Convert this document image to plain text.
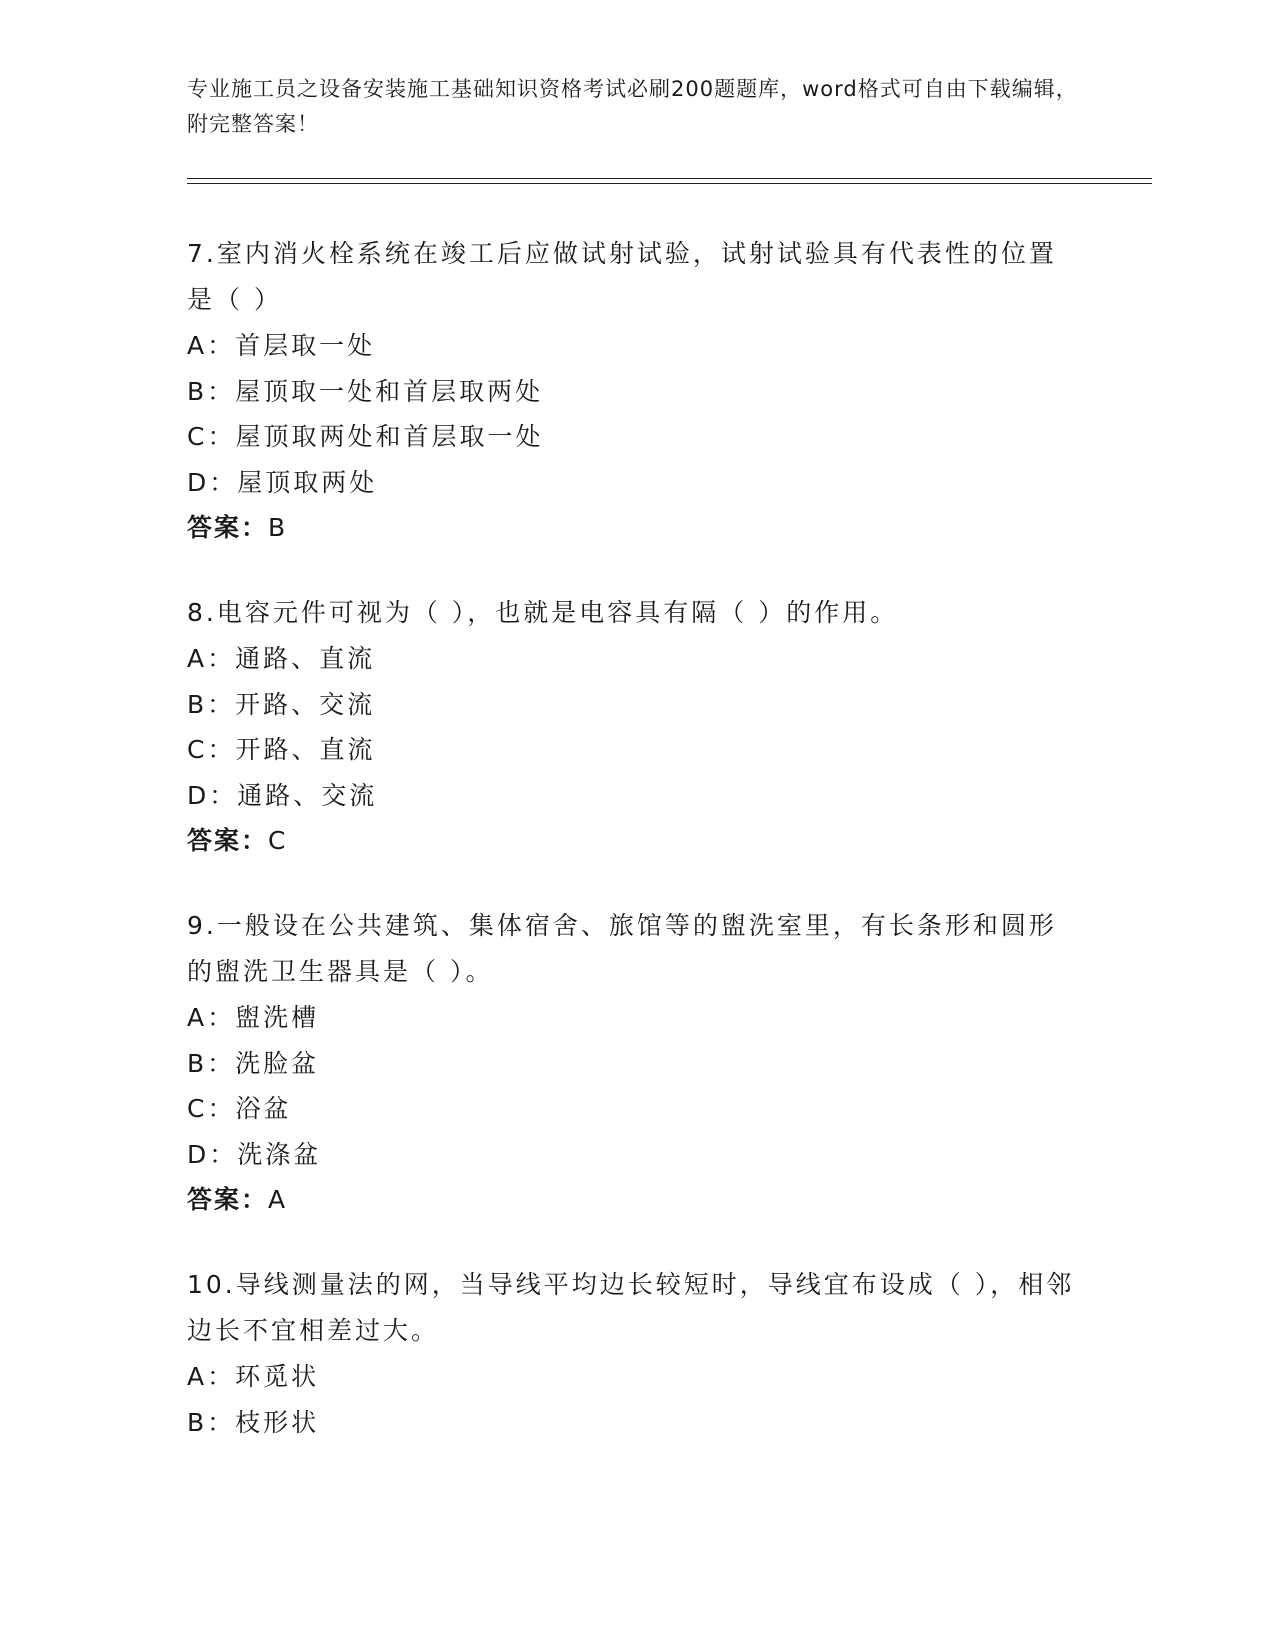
专业施工员之设备安装施工基础知识资格考试必刷200题题库，word格式可自由下载编辑，附完整答案！
7.室内消火栓系统在竣工后应做试射试验，试射试验具有代表性的位置是（ ）
A：首层取一处
B：屋顶取一处和首层取两处
C：屋顶取两处和首层取一处
D：屋顶取两处
答案：B
8.电容元件可视为（ ），也就是电容具有隔（ ）的作用。
A：通路、直流
B：开路、交流
C：开路、直流
D：通路、交流
答案：C
9.一般设在公共建筑、集体宿舍、旅馆等的盥洗室里，有长条形和圆形的盥洗卫生器具是（ ）。
A：盥洗槽
B：洗脸盆
C：浴盆
D：洗涤盆
答案：A
10.导线测量法的网，当导线平均边长较短时，导线宜布设成（ ），相邻边长不宜相差过大。
A：环觅状
B：枝形状
